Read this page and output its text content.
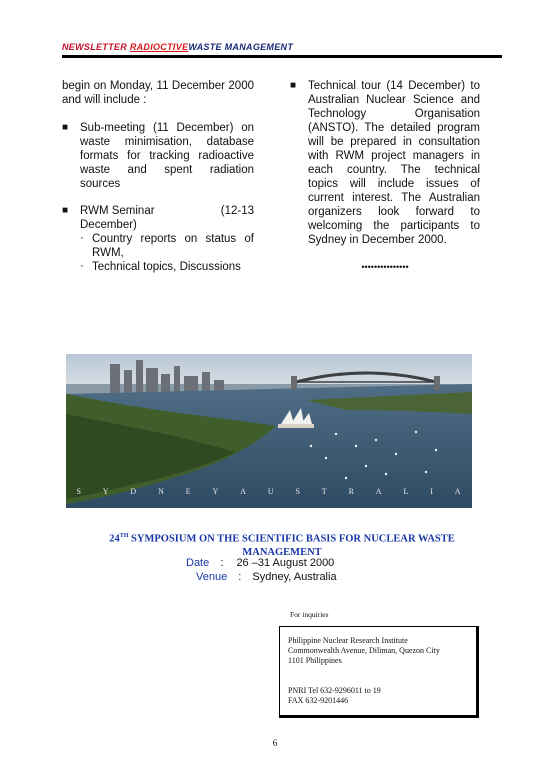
NEWSLETTER RADIOCTIVEWASTE MANAGEMENT

begin on Monday, 11 December 2000 and will include :

■ Sub-meeting (11 December) on waste minimisation, database formats for tracking radioactive waste and spent radiation sources
■ RWM Seminar	(12-13
December)
· Country reports on status of RWM,
· Technical topics, Discussions
■ Technical tour (14 December) to Australian Nuclear Science and Technology Organisation (ANSTO). The detailed program will be prepared in consultation with RWM project managers in each country. The technical topics will include issues of current interest. The Australian organizers look forward to welcoming the participants to Sydney in December 2000.
•••••••••••••••
S	Y	D	N	E	Y	A	U	S	T	R	A	L	I	A
24TH SYMPOSIUM ON THE SCIENTIFIC BASIS FOR NUCLEAR WASTE
MANAGEMENT
Date : 26 –31 August 2000
Venue : Sydney, Australia
For inquiries
Philippine Nuclear Research Institute
Commonwealth Avenue, Diliman, Quezon City
1101 Philippines
PNRI Tel 632-9296011 to 19
FAX 632-9201446
6
